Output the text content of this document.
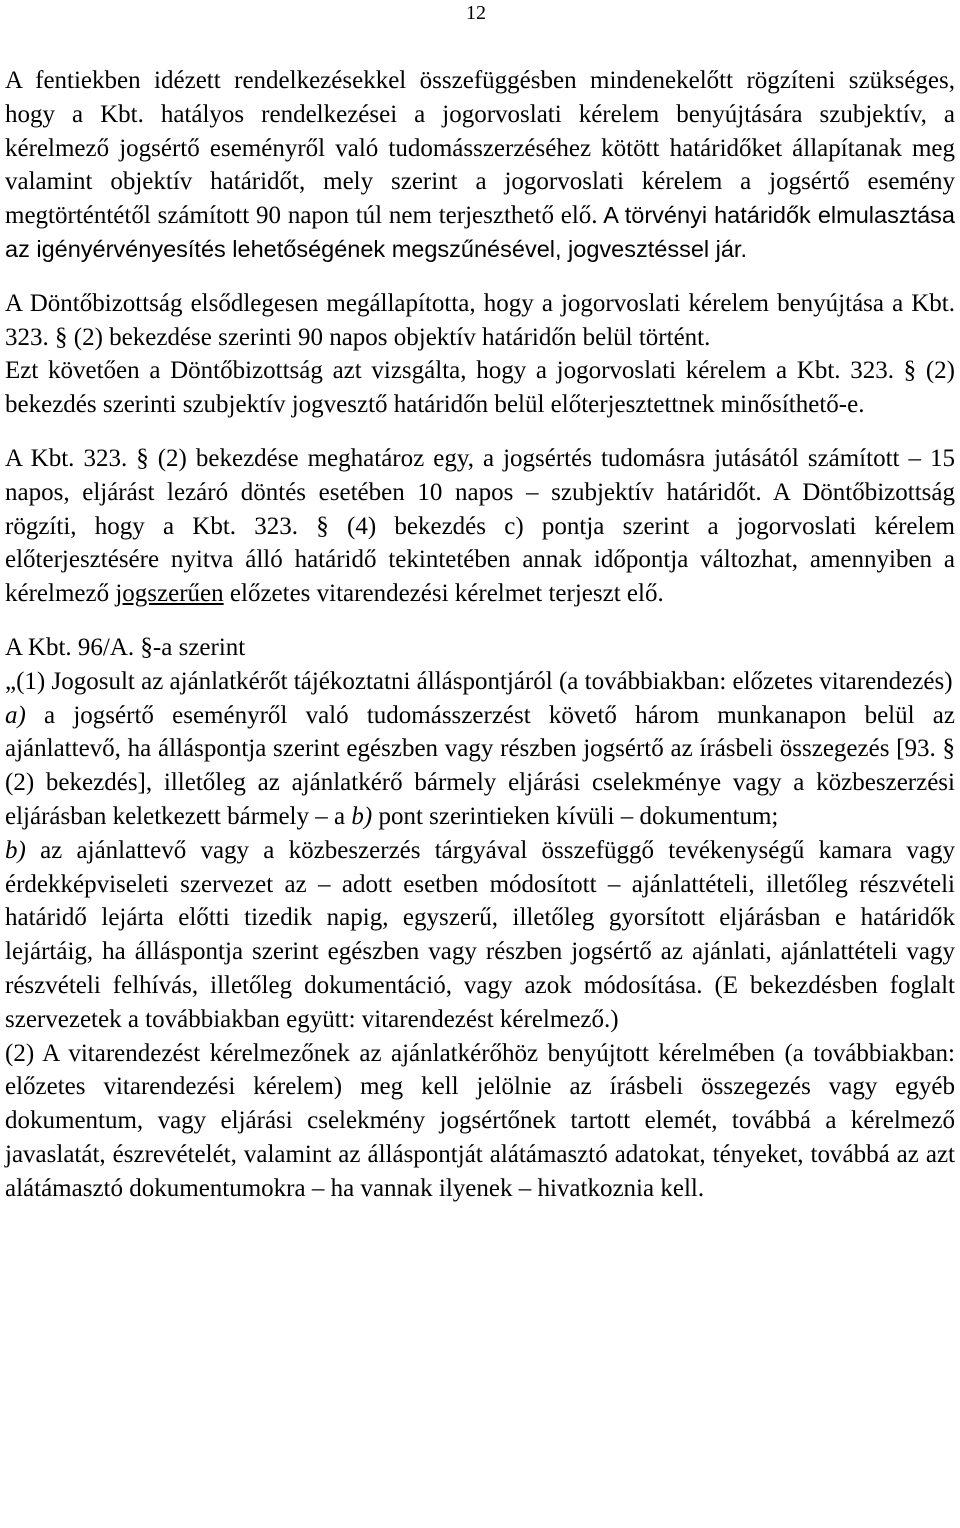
12

A fentiekben idézett rendelkezésekkel összefüggésben mindenekelőtt rögzíteni szükséges, hogy a Kbt. hatályos rendelkezései a jogorvoslati kérelem benyújtására szubjektív, a kérelmező jogsértő eseményről való tudomásszerzéséhez kötött határidőket állapítanak meg valamint objektív határidőt, mely szerint a jogorvoslati kérelem a jogsértő esemény megtörténtétől számított 90 napon túl nem terjeszthető elő. A törvényi határidők elmulasztása az igényérvényesítés lehetőségének megszűnésével, jogvesztéssel jár.

A Döntőbizottság elsődlegesen megállapította, hogy a jogorvoslati kérelem benyújtása a Kbt. 323. § (2) bekezdése szerinti 90 napos objektív határidőn belül történt.

Ezt követően a Döntőbizottság azt vizsgálta, hogy a jogorvoslati kérelem a Kbt. 323. § (2) bekezdés szerinti szubjektív jogvesztő határidőn belül előterjesztettnek minősíthető-e.

A Kbt. 323. § (2) bekezdése meghatároz egy, a jogsértés tudomásra jutásától számított – 15 napos, eljárást lezáró döntés esetében 10 napos – szubjektív határidőt. A Döntőbizottság rögzíti, hogy a Kbt. 323. § (4) bekezdés c) pontja szerint a jogorvoslati kérelem előterjesztésére nyitva álló határidő tekintetében annak időpontja változhat, amennyiben a kérelmező jogszerűen előzetes vitarendezési kérelmet terjeszt elő.

A Kbt. 96/A. §-a szerint

„(1) Jogosult az ajánlatkérőt tájékoztatni álláspontjáról (a továbbiakban: előzetes vitarendezés)

a) a jogsértő eseményről való tudomásszerzést követő három munkanapon belül az ajánlattevő, ha álláspontja szerint egészben vagy részben jogsértő az írásbeli összegezés [93. § (2) bekezdés], illetőleg az ajánlatkérő bármely eljárási cselekménye vagy a közbeszerzési eljárásban keletkezett bármely – a b) pont szerintieken kívüli – dokumentum;

b) az ajánlattevő vagy a közbeszerzés tárgyával összefüggő tevékenységű kamara vagy érdekképviseleti szervezet az – adott esetben módosított – ajánlattételi, illetőleg részvételi határidő lejárta előtti tizedik napig, egyszerű, illetőleg gyorsított eljárásban e határidők lejártáig, ha álláspontja szerint egészben vagy részben jogsértő az ajánlati, ajánlattételi vagy részvételi felhívás, illetőleg dokumentáció, vagy azok módosítása. (E bekezdésben foglalt szervezetek a továbbiakban együtt: vitarendezést kérelmező.)

(2) A vitarendezést kérelmezőnek az ajánlatkérőhöz benyújtott kérelmében (a továbbiakban: előzetes vitarendezési kérelem) meg kell jelölnie az írásbeli összegezés vagy egyéb dokumentum, vagy eljárási cselekmény jogsértőnek tartott elemét, továbbá a kérelmező javaslatát, észrevételét, valamint az álláspontját alátámasztó adatokat, tényeket, továbbá az azt alátámasztó dokumentumokra – ha vannak ilyenek – hivatkoznia kell.
